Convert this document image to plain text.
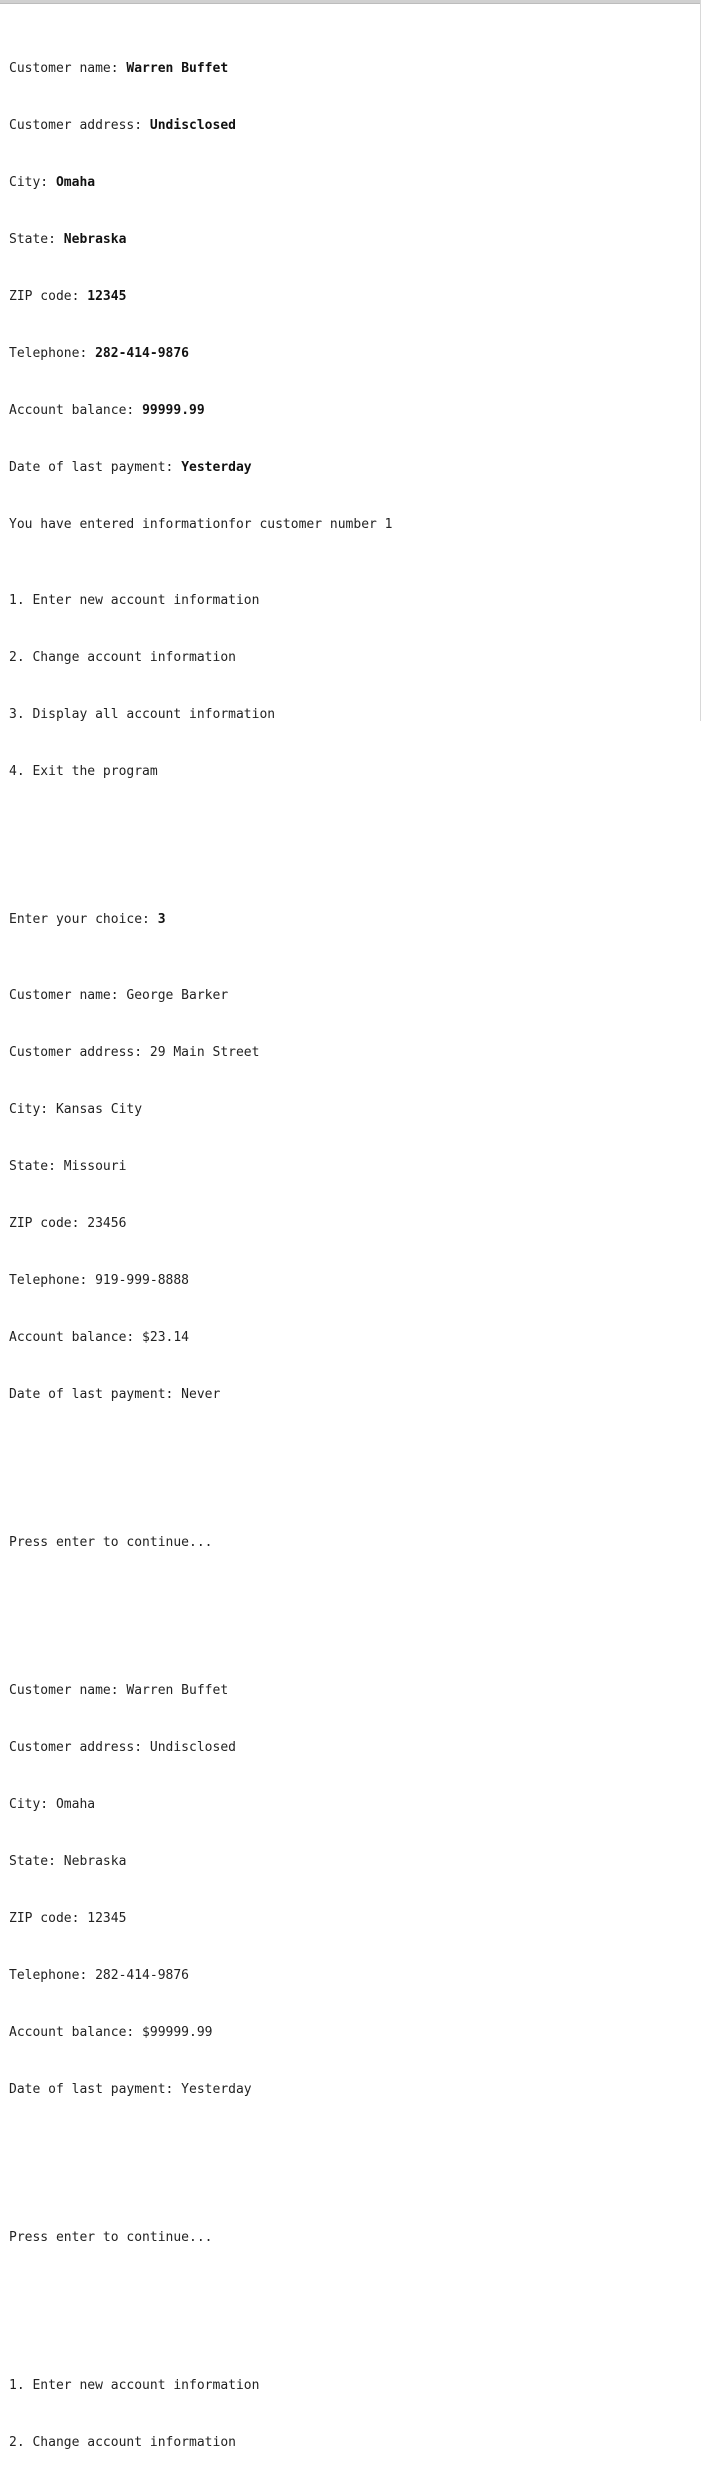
Customer name: Warren Buffet

Customer address: Undisclosed

City: Omaha

State: Nebraska

ZIP code: 12345

Telephone: 282-414-9876

Account balance: 99999.99

Date of last payment: Yesterday

You have entered informationfor customer number 1

1. Enter new account information

2. Change account information

3. Display all account information

4. Exit the program

Enter your choice: 3

Customer name: George Barker

Customer address: 29 Main Street

City: Kansas City

State: Missouri

ZIP code: 23456

Telephone: 919-999-8888

Account balance: $23.14

Date of last payment: Never

Press enter to continue...

Customer name: Warren Buffet

Customer address: Undisclosed

City: Omaha

State: Nebraska

ZIP code: 12345

Telephone: 282-414-9876

Account balance: $99999.99

Date of last payment: Yesterday

Press enter to continue...

1. Enter new account information

2. Change account information
